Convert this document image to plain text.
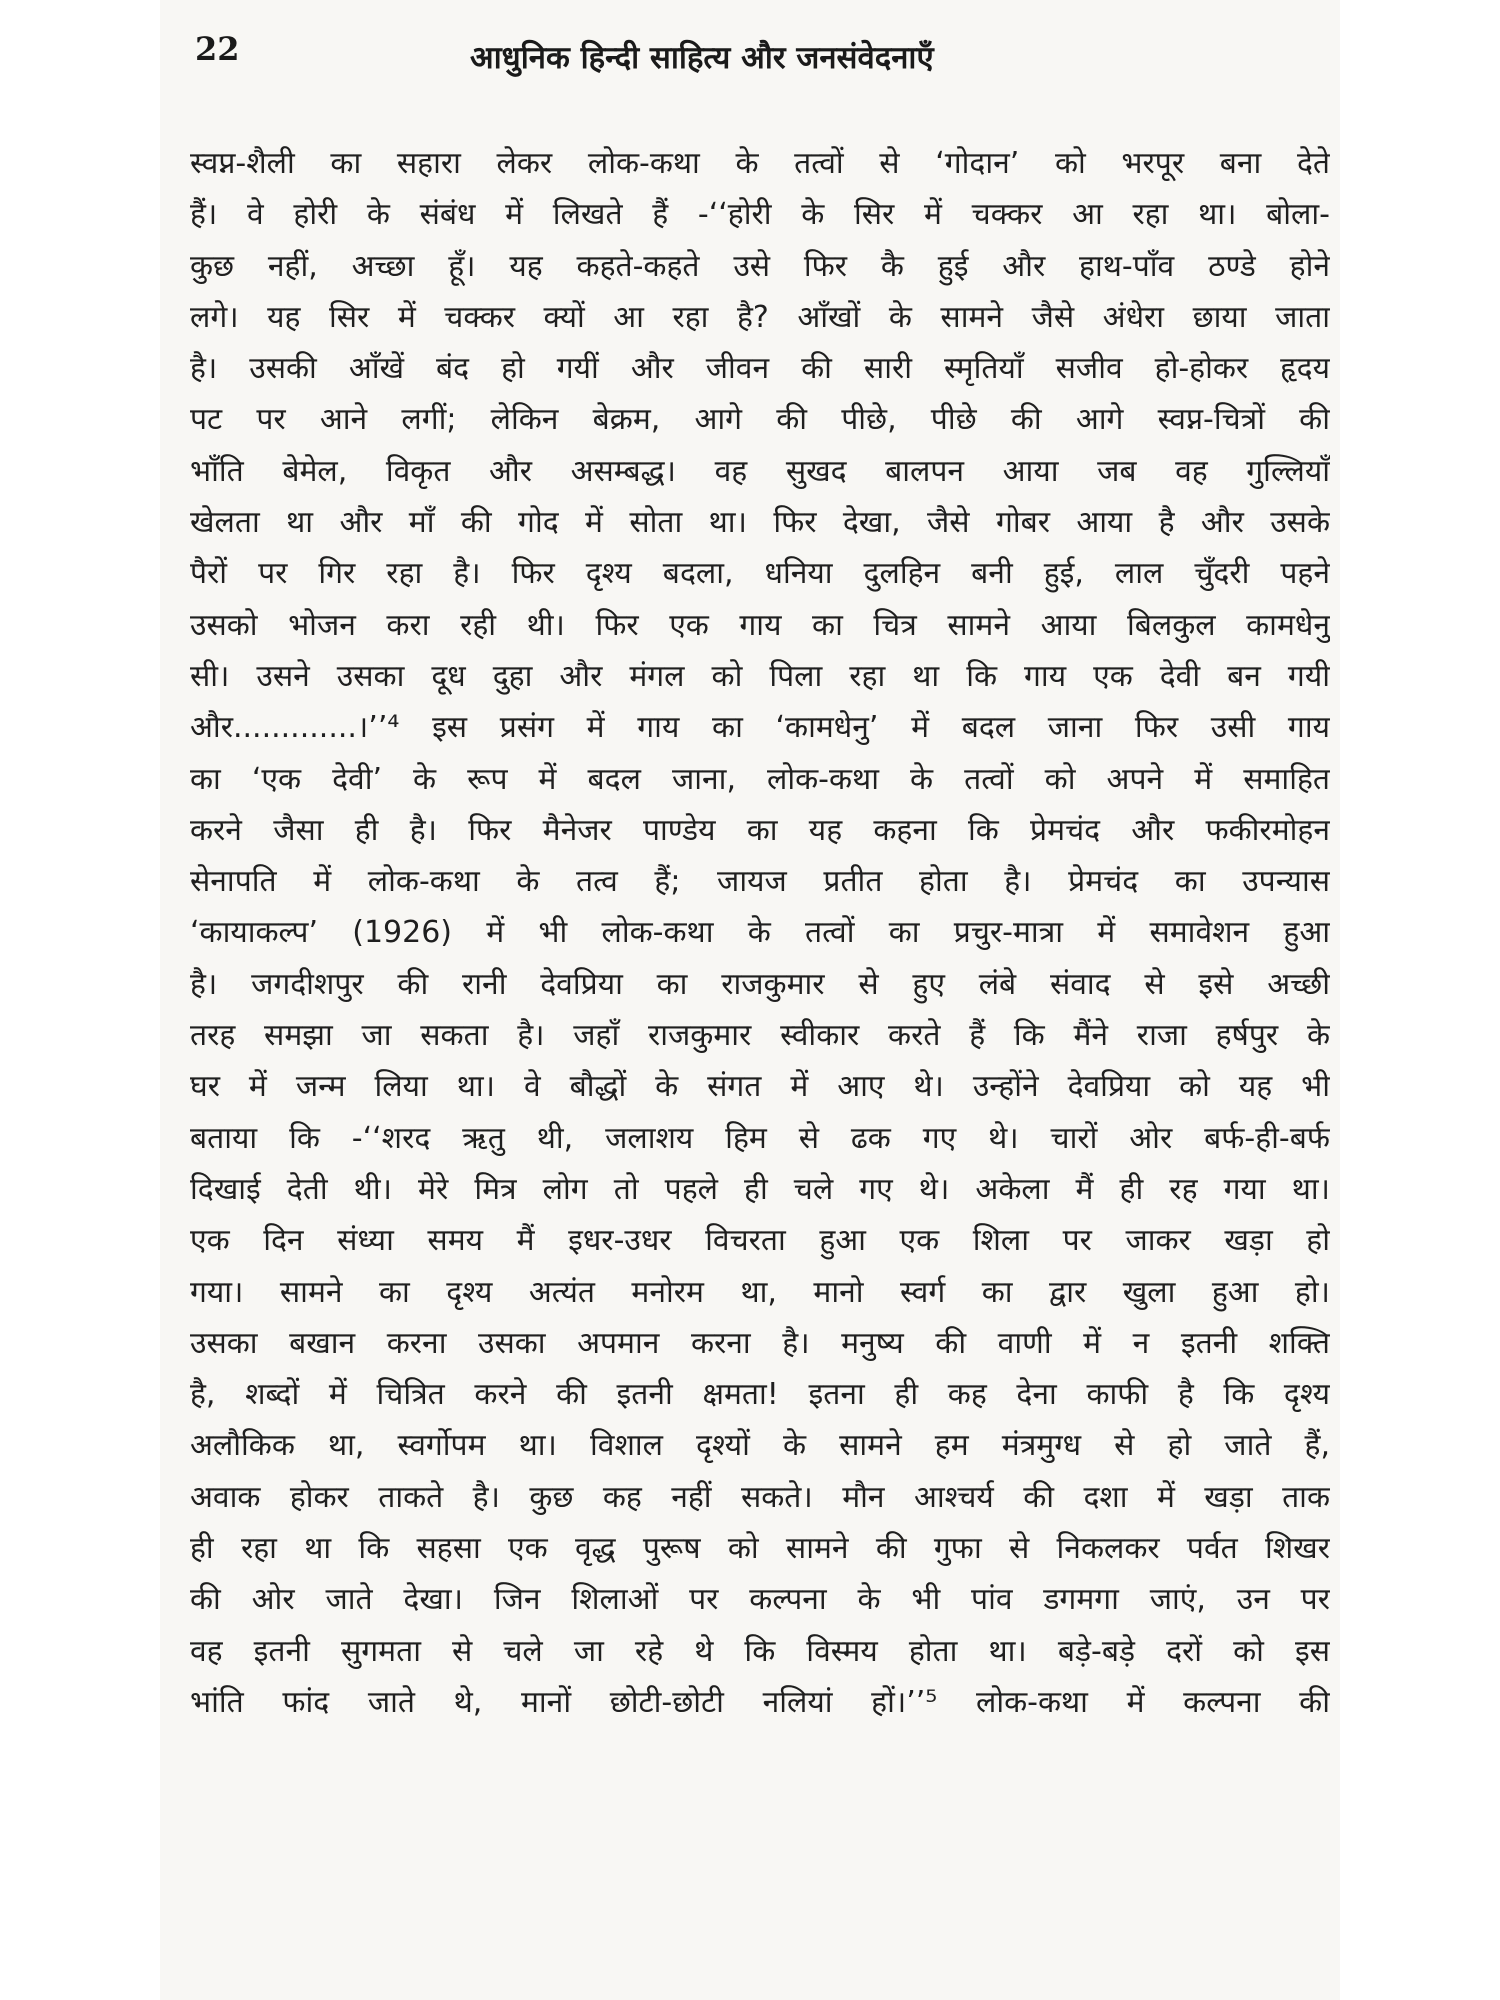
22	आधुनिक हिन्दी साहित्य और जनसंवेदनाएँ
स्वप्न-शैली का सहारा लेकर लोक-कथा के तत्वों से ‘गोदान’ को भरपूर बना देते
हैं। वे होरी के संबंध में लिखते हैं -‘‘होरी के सिर में चक्कर आ रहा था। बोला-
कुछ नहीं, अच्छा हूँ। यह कहते-कहते उसे फिर कै हुई और हाथ-पाँव ठण्डे होने
लगे। यह सिर में चक्कर क्यों आ रहा है? आँखों के सामने जैसे अंधेरा छाया जाता
है। उसकी आँखें बंद हो गयीं और जीवन की सारी स्मृतियाँ सजीव हो-होकर हृदय
पट पर आने लगीं; लेकिन बेक्रम, आगे की पीछे, पीछे की आगे स्वप्न-चित्रों की
भाँति बेमेल, विकृत और असम्बद्ध। वह सुखद बालपन आया जब वह गुल्लियाँ
खेलता था और माँ की गोद में सोता था। फिर देखा, जैसे गोबर आया है और उसके
पैरों पर गिर रहा है। फिर दृश्य बदला, धनिया दुलहिन बनी हुई, लाल चुँदरी पहने
उसको भोजन करा रही थी। फिर एक गाय का चित्र सामने आया बिलकुल कामधेनु
सी। उसने उसका दूध दुहा और मंगल को पिला रहा था कि गाय एक देवी बन गयी
और.............।’’⁴ इस प्रसंग में गाय का ‘कामधेनु’ में बदल जाना फिर उसी गाय
का ‘एक देवी’ के रूप में बदल जाना, लोक-कथा के तत्वों को अपने में समाहित
करने जैसा ही है। फिर मैनेजर पाण्डेय का यह कहना कि प्रेमचंद और फकीरमोहन
सेनापति में लोक-कथा के तत्व हैं; जायज प्रतीत होता है। प्रेमचंद का उपन्यास
‘कायाकल्प’ (1926) में भी लोक-कथा के तत्वों का प्रचुर-मात्रा में समावेशन हुआ
है। जगदीशपुर की रानी देवप्रिया का राजकुमार से हुए लंबे संवाद से इसे अच्छी
तरह समझा जा सकता है। जहाँ राजकुमार स्वीकार करते हैं कि मैंने राजा हर्षपुर के
घर में जन्म लिया था। वे बौद्धों के संगत में आए थे। उन्होंने देवप्रिया को यह भी
बताया कि -‘‘शरद ऋतु थी, जलाशय हिम से ढक गए थे। चारों ओर बर्फ-ही-बर्फ
दिखाई देती थी। मेरे मित्र लोग तो पहले ही चले गए थे। अकेला मैं ही रह गया था।
एक दिन संध्या समय मैं इधर-उधर विचरता हुआ एक शिला पर जाकर खड़ा हो
गया। सामने का दृश्य अत्यंत मनोरम था, मानो स्वर्ग का द्वार खुला हुआ हो।
उसका बखान करना उसका अपमान करना है। मनुष्य की वाणी में न इतनी शक्ति
है, शब्दों में चित्रित करने की इतनी क्षमता! इतना ही कह देना काफी है कि दृश्य
अलौकिक था, स्वर्गोपम था। विशाल दृश्यों के सामने हम मंत्रमुग्ध से हो जाते हैं,
अवाक होकर ताकते है। कुछ कह नहीं सकते। मौन आश्चर्य की दशा में खड़ा ताक
ही रहा था कि सहसा एक वृद्ध पुरूष को सामने की गुफा से निकलकर पर्वत शिखर
की ओर जाते देखा। जिन शिलाओं पर कल्पना के भी पांव डगमगा जाएं, उन पर
वह इतनी सुगमता से चले जा रहे थे कि विस्मय होता था। बड़े-बड़े दरों को इस
भांति फांद जाते थे, मानों छोटी-छोटी नलियां हों।’’⁵ लोक-कथा में कल्पना की
